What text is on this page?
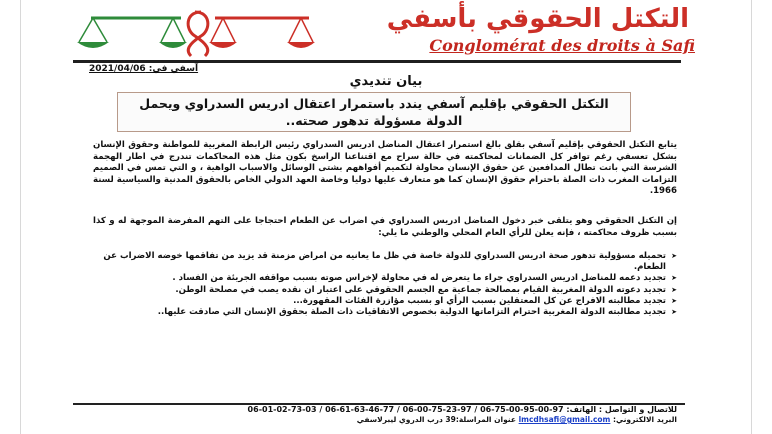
التكتل الحقوقي بأسفي
Conglomérat des droits à Safi
آسفي في: 2021/04/06
بيان تنديدي
التكتل الحقوقي بإقليم آسفي يندد باستمرار اعتقال ادريس السدراوي ويحمل الدولة مسؤولة تدهور صحته..

يتابع التكتل الحقوقي بإقليم آسفي بقلق بالغ استمرار اعتقال المناضل ادريس السدراوي رئيس الرابطة المغربية للمواطنة وحقوق الإنسان بشكل تعسفي رغم توافر كل الضمانات لمحاكمته في حالة سراح مع اقتناعنا الراسخ بكون مثل هذه المحاكمات تندرج في اطار الهجمة الشرسة التي باتت تطال المدافعين عن حقوق الإنسان محاولة لتكميم أفواههم بشتى الوسائل والاسباب الواهية ، و التي تمس في الصميم التزامات المغرب ذات الصلة باحترام حقوق الإنسان كما هو متعارف عليها دوليا وخاصة العهد الدولي الخاص بالحقوق المدنية والسياسية لسنة 1966.

إن التكتل الحقوقي وهو يتلقى خبر دخول المناضل ادريس السدراوي في اضراب عن الطعام احتجاجا على التهم المفرضة الموجهة له و كذا بسبب ظروف محاكمته ، فإنه يعلن للرأي العام المحلي والوطني ما يلي:

➤ تحميله مسؤولية تدهور صحة ادريس السدراوي للدولة خاصة في ظل ما يعانيه من امراض مزمنة قد يزيد من تفاقمها خوضه الاضراب عن الطعام.
➤ تجديد دعمه للمناضل ادريس السدراوي جراء ما يتعرض له في محاولة لإخراس صوته بسبب مواقفه الجريئة من الفساد .
➤ تجديد دعوته الدولة المغربية القيام بمصالحة جماعية مع الجسم الحقوقي على اعتبار ان نقده يصب في مصلحة الوطن.
➤ تجديد مطالبته الافراج عن كل المعتقلين بسبب الرأي او بسبب مؤازرة الفئات المقهورة...
➤ تجديد مطالبته الدولة المغربية احترام التزاماتها الدولية بخصوص الاتفاقيات ذات الصلة بحقوق الإنسان التي صادقت عليها..
للاتصال و التواصل : الهاتف: 97-00-95-00-75-06 / 97-23-75-00-06 / 77-46-63-61-06 / 03-73-02-01-06
البريد الالكتروني: lmcdhsafi@gmail.com عنوان المراسلة:39 درب الدروي ليبرلاسفي
